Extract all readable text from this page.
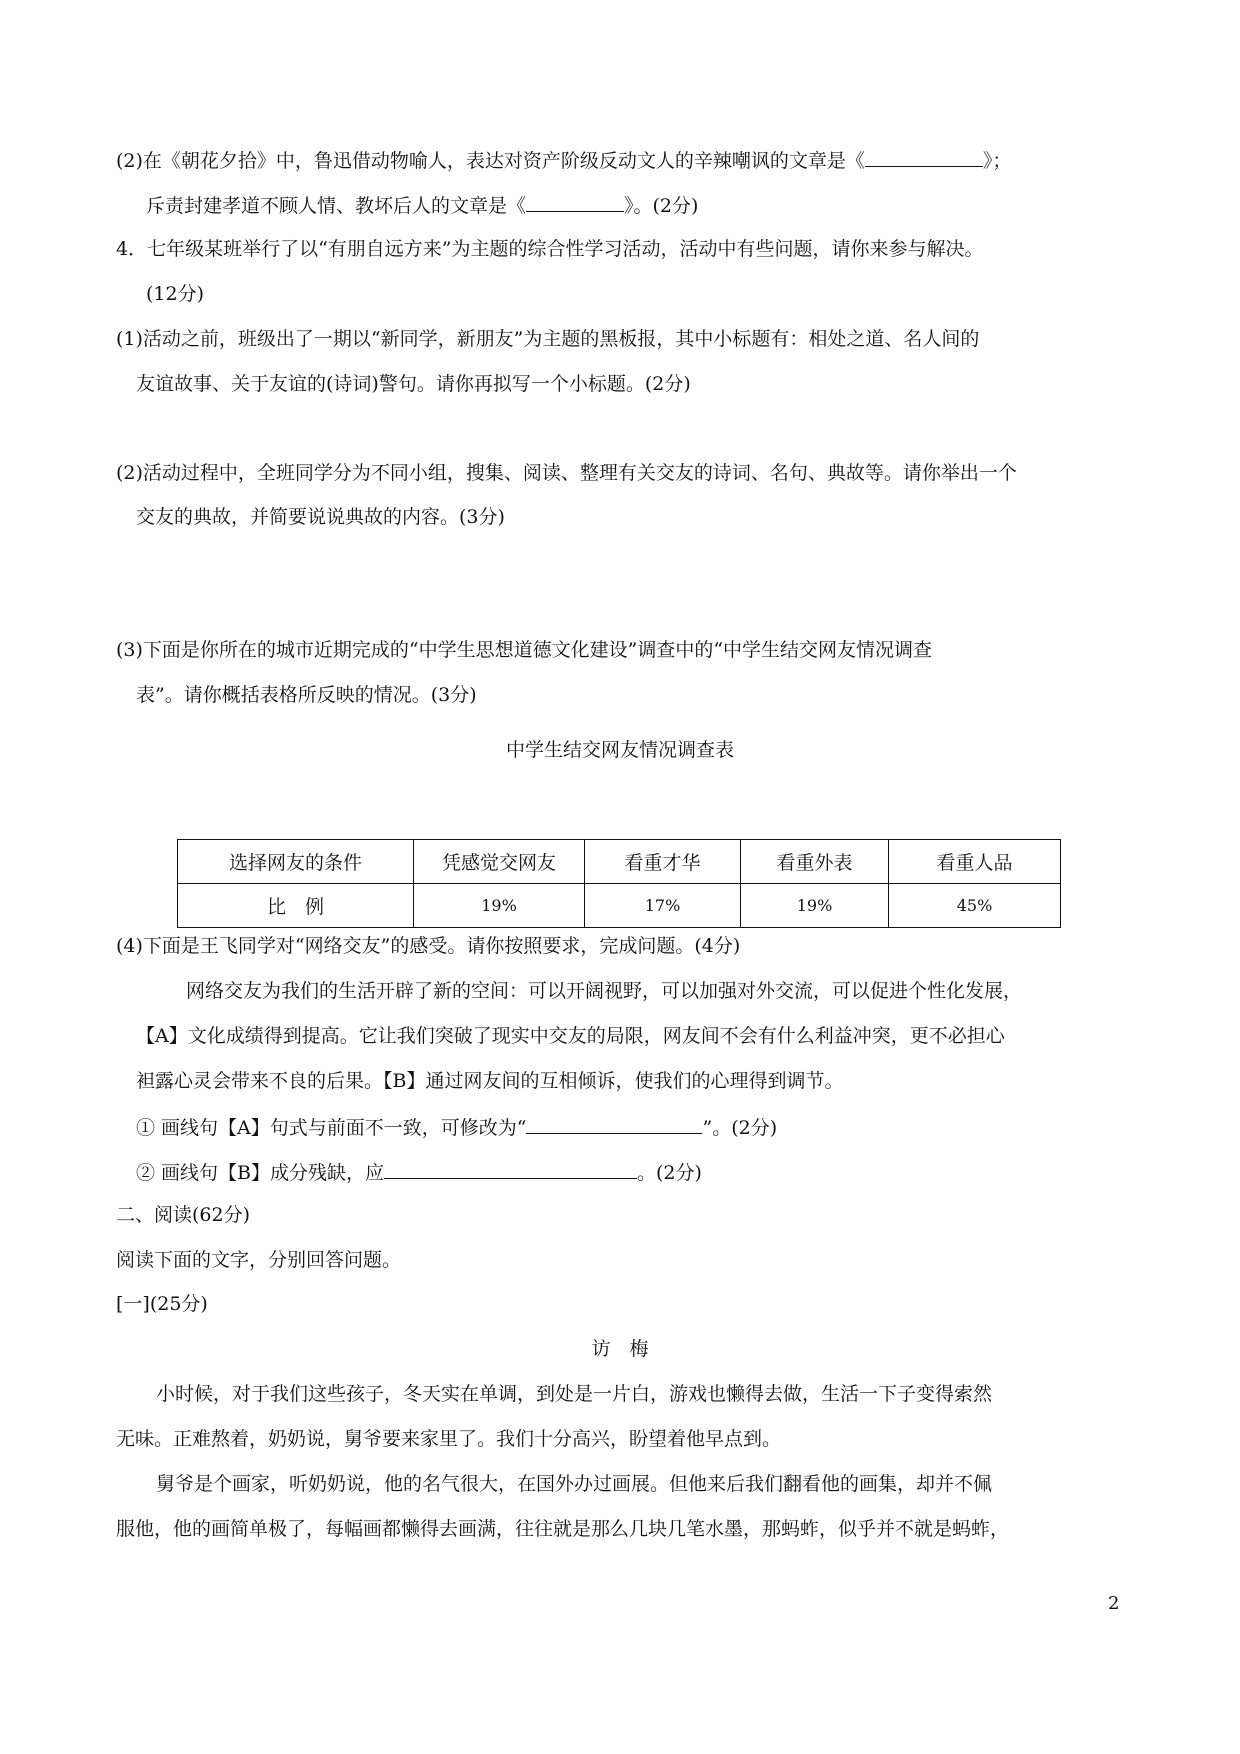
(2)在《朝花夕拾》中，鲁迅借动物喻人，表达对资产阶级反动文人的辛辣嘲讽的文章是《	》；
斥责封建孝道不顾人情、教坏后人的文章是《	》。(2分)
4．七年级某班举行了以“有朋自远方来”为主题的综合性学习活动，活动中有些问题，请你来参与解决。
(12分)
(1)活动之前，班级出了一期以“新同学，新朋友”为主题的黑板报，其中小标题有：相处之道、名人间的
友谊故事、关于友谊的(诗词)警句。请你再拟写一个小标题。(2分)
(2)活动过程中，全班同学分为不同小组，搜集、阅读、整理有关交友的诗词、名句、典故等。请你举出一个
交友的典故，并简要说说典故的内容。(3分)
(3)下面是你所在的城市近期完成的“中学生思想道德文化建设”调查中的“中学生结交网友情况调查
表”。请你概括表格所反映的情况。(3分)
中学生结交网友情况调查表
选择网友的条件	凭感觉交网友	看重才华	看重外表	看重人品
比　例	19%	17%	19%	45%
(4)下面是王飞同学对“网络交友”的感受。请你按照要求，完成问题。(4分)
网络交友为我们的生活开辟了新的空间：可以开阔视野，可以加强对外交流，可以促进个性化发展，
【A】文化成绩得到提高。它让我们突破了现实中交友的局限，网友间不会有什么利益冲突，更不必担心
袒露心灵会带来不良的后果。【B】通过网友间的互相倾诉，使我们的心理得到调节。
① 画线句【A】句式与前面不一致，可修改为“	”。(2分)
② 画线句【B】成分残缺，应	。(2分)
二、阅读(62分)
阅读下面的文字，分别回答问题。
[一](25分)
访　梅
小时候，对于我们这些孩子，冬天实在单调，到处是一片白，游戏也懒得去做，生活一下子变得索然
无味。正难熬着，奶奶说，舅爷要来家里了。我们十分高兴，盼望着他早点到。
舅爷是个画家，听奶奶说，他的名气很大，在国外办过画展。但他来后我们翻看他的画集，却并不佩
服他，他的画简单极了，每幅画都懒得去画满，往往就是那么几块几笔水墨，那蚂蚱，似乎并不就是蚂蚱，
2
